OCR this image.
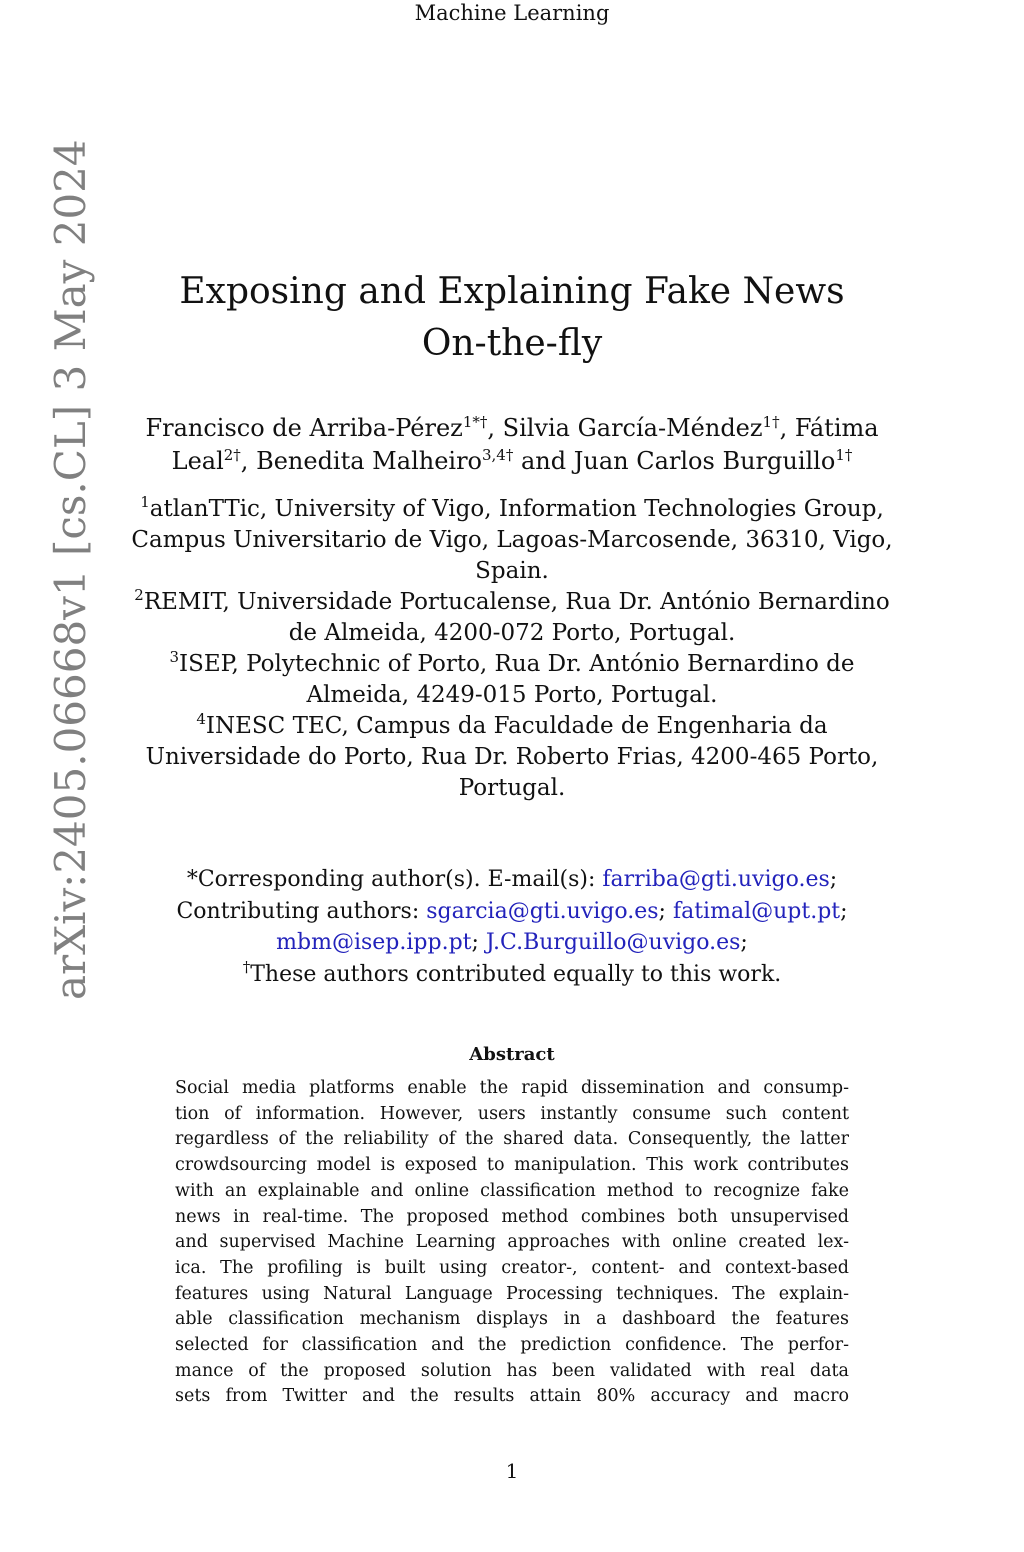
Machine Learning
arXiv:2405.06668v1 [cs.CL] 3 May 2024	Exposing and Explaining Fake News
On-the-fly
Francisco de Arriba-Pérez$^{1*\dagger}$, Silvia García-Méndez$^{1\dagger}$, Fátima Leal$^{2\dagger}$, Benedita Malheiro$^{3,4\dagger}$ and Juan Carlos Burguillo$^{1\dagger}$
$^1$atlanTTic, University of Vigo, Information Technologies Group, Campus Universitario de Vigo, Lagoas-Marcosende, 36310, Vigo, Spain.
$^2$REMIT, Universidade Portucalense, Rua Dr. António Bernardino de Almeida, 4200-072 Porto, Portugal.
$^3$ISEP, Polytechnic of Porto, Rua Dr. António Bernardino de Almeida, 4249-015 Porto, Portugal.
$^4$INESC TEC, Campus da Faculdade de Engenharia da Universidade do Porto, Rua Dr. Roberto Frias, 4200-465 Porto, Portugal.
*Corresponding author(s). E-mail(s): farriba@gti.uvigo.es;
Contributing authors: sgarcia@gti.uvigo.es; fatimal@upt.pt;
mbm@isep.ipp.pt; J.C.Burguillo@uvigo.es;
†These authors contributed equally to this work.
Abstract

Social media platforms enable the rapid dissemination and consump-
tion of information. However, users instantly consume such content
regardless of the reliability of the shared data. Consequently, the latter
crowdsourcing model is exposed to manipulation. This work contributes
with an explainable and online classification method to recognize fake
news in real-time. The proposed method combines both unsupervised
and supervised Machine Learning approaches with online created lex-
ica. The profiling is built using creator-, content- and context-based
features using Natural Language Processing techniques. The explain-
able classification mechanism displays in a dashboard the features
selected for classification and the prediction confidence. The perfor-
mance of the proposed solution has been validated with real data
sets from Twitter and the results attain 80% accuracy and macro

1
